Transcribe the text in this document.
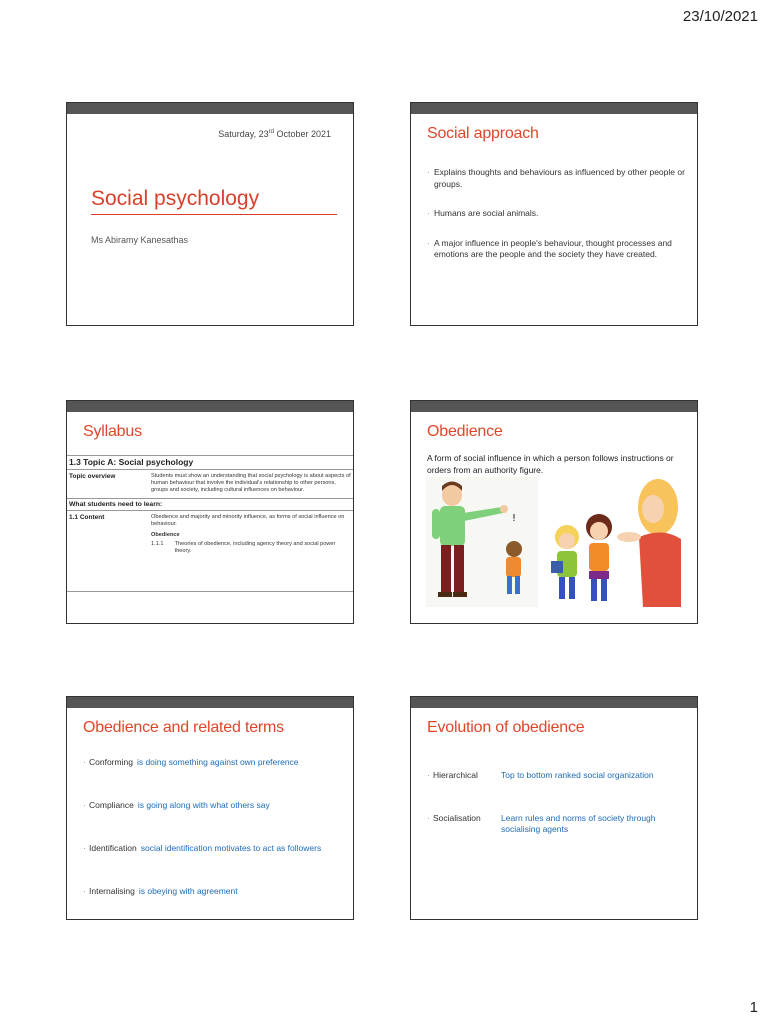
23/10/2021
Saturday, 23rd October 2021
Social psychology
Ms Abiramy Kanesathas
Social approach
· Explains thoughts and behaviours as influenced by other people or groups.
· Humans are social animals.
· A major influence in people's behaviour, thought processes and emotions are the people and the society they have created.
Syllabus
1.3 Topic A: Social psychology
Topic overview	Students must show an understanding that social psychology is about aspects of human behaviour that involve the individual's relationship to other persons, groups and society, including cultural influences on behaviour.
What students need to learn:
1.1 Content	Obedience and majority and minority influence, as forms of social influence on behaviour.
Obedience
1.1.1	Theories of obedience, including agency theory and social power theory.
Obedience
A form of social influence in which a person follows instructions or orders from an authority figure.
!
Obedience and related terms
· Conforming is doing something against own preference
· Compliance is going along with what others say
· Identification social identification motivates to act as followers
· Internalising is obeying with agreement
Evolution of obedience
· Hierarchical	Top to bottom ranked social organization
· Socialisation	Learn rules and norms of society through socialising agents
1
